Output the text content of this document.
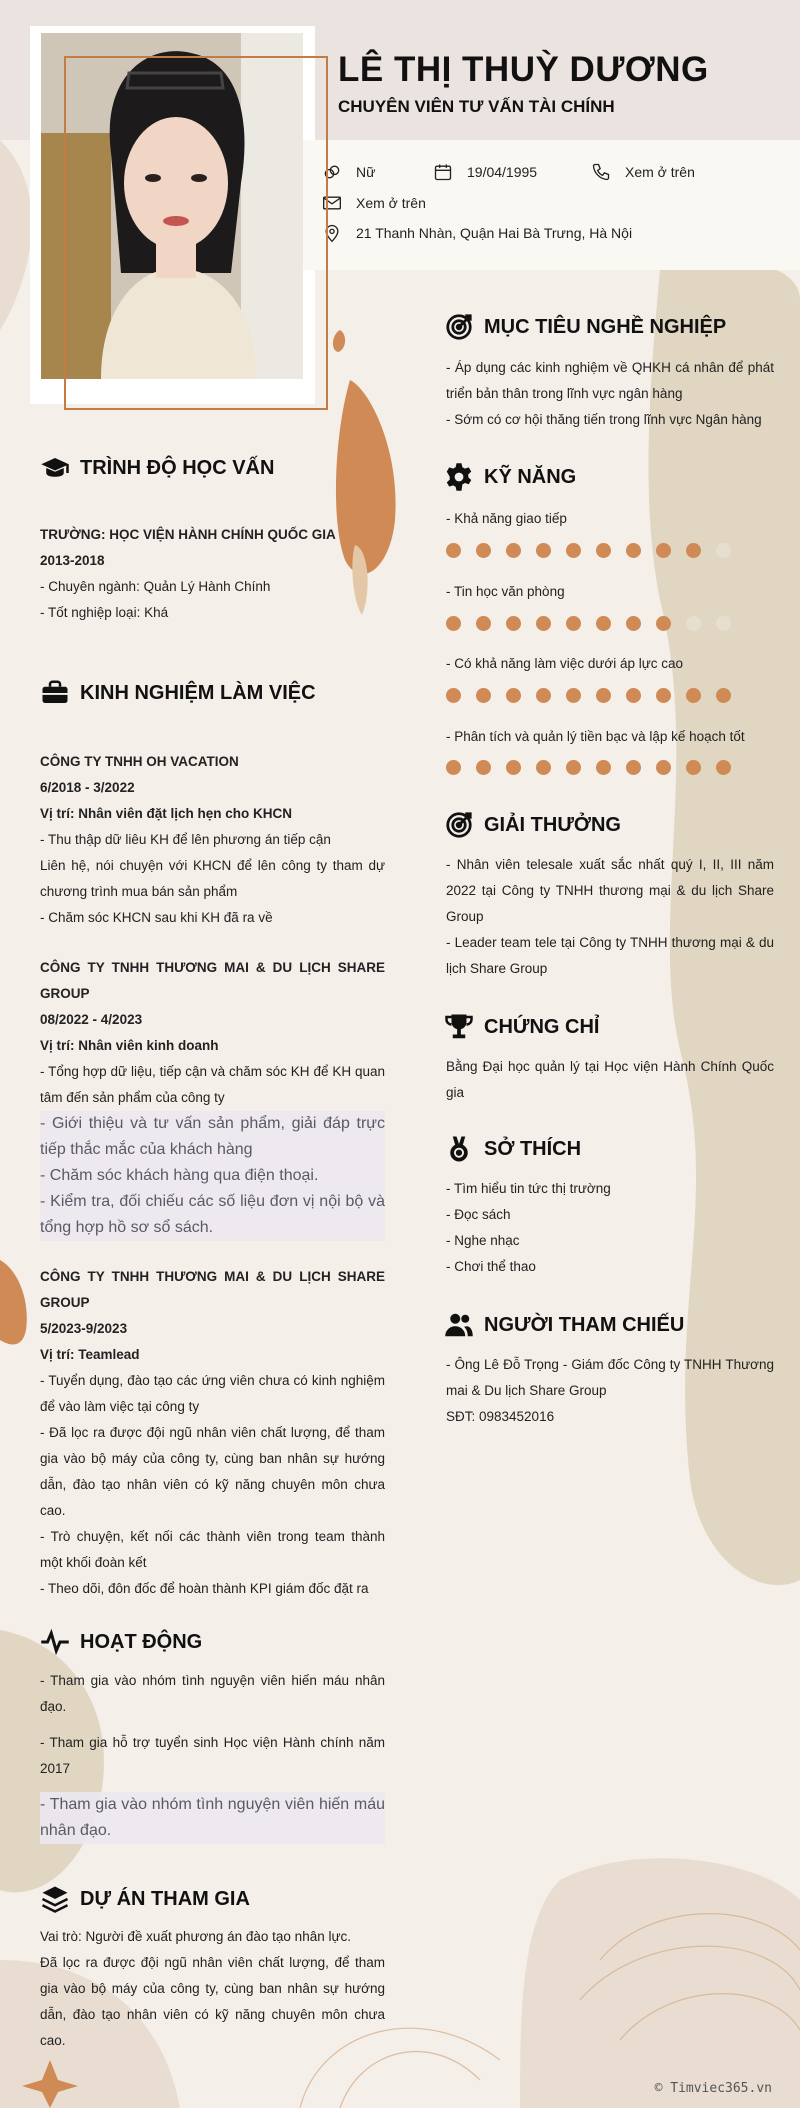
LÊ THỊ THUỲ DƯƠNG
CHUYÊN VIÊN TƯ VẤN TÀI CHÍNH
Nữ	19/04/1995	Xem ở trên
Xem ở trên
21 Thanh Nhàn, Quận Hai Bà Trưng, Hà Nội
TRÌNH ĐỘ HỌC VẤN

TRƯỜNG: HỌC VIỆN HÀNH CHÍNH QUỐC GIA

2013-2018

- Chuyên ngành: Quản Lý Hành Chính

- Tốt nghiệp loại: Khá

KINH NGHIỆM LÀM VIỆC

CÔNG TY TNHH OH VACATION

6/2018 - 3/2022

Vị trí: Nhân viên đặt lịch hẹn cho KHCN

- Thu thập dữ liêu KH để lên phương án tiếp cận

Liên hệ, nói chuyện với KHCN để lên công ty tham dự chương trình mua bán sản phẩm

- Chăm sóc KHCN sau khi KH đã ra về

CÔNG TY TNHH THƯƠNG MAI & DU LỊCH SHARE GROUP

08/2022 - 4/2023

Vị trí: Nhân viên kinh doanh

- Tổng hợp dữ liệu, tiếp cận và chăm sóc KH để KH quan tâm đến sản phẩm của công ty

- Giới thiệu và tư vấn sản phẩm, giải đáp trực tiếp thắc mắc của khách hàng

- Chăm sóc khách hàng qua điện thoại.

- Kiểm tra, đối chiếu các số liệu đơn vị nội bộ và tổng hợp hồ sơ sổ sách.

CÔNG TY TNHH THƯƠNG MAI & DU LỊCH SHARE GROUP

5/2023-9/2023

Vị trí: Teamlead

- Tuyển dụng, đào tạo các ứng viên chưa có kinh nghiệm để vào làm việc tại công ty

- Đã lọc ra được đội ngũ nhân viên chất lượng, để tham gia vào bộ máy của công ty, cùng ban nhân sự hướng dẫn, đào tạo nhân viên có kỹ năng chuyên môn chưa cao.

- Trò chuyện, kết nối các thành viên trong team thành một khối đoàn kết

- Theo dõi, đôn đốc để hoàn thành KPI giám đốc đặt ra

HOẠT ĐỘNG

- Tham gia vào nhóm tình nguyện viên hiến máu nhân đạo.

- Tham gia hỗ trợ tuyển sinh Học viện Hành chính năm 2017

- Tham gia vào nhóm tình nguyện viên hiến máu nhân đạo.

DỰ ÁN THAM GIA

Vai trò: Người đề xuất phương án đào tạo nhân lực.

Đã lọc ra được đội ngũ nhân viên chất lượng, để tham gia vào bộ máy của công ty, cùng ban nhân sự hướng dẫn, đào tạo nhân viên có kỹ năng chuyên môn chưa cao.

MỤC TIÊU NGHỀ NGHIỆP

- Áp dụng các kinh nghiệm về QHKH cá nhân để phát triển bản thân trong lĩnh vực ngân hàng

- Sớm có cơ hội thăng tiến trong lĩnh vực Ngân hàng

KỸ NĂNG
- Khả năng giao tiếp
- Tin học văn phòng
- Có khả năng làm việc dưới áp lực cao
- Phân tích và quản lý tiền bạc và lập kế hoạch tốt
GIẢI THƯỞNG

- Nhân viên telesale xuất sắc nhất quý I, II, III năm 2022 tại Công ty TNHH thương mại & du lịch Share Group

- Leader team tele tại Công ty TNHH thương mại & du lịch Share Group

CHỨNG CHỈ

Bằng Đại học quản lý tại Học viện Hành Chính Quốc gia

SỞ THÍCH

- Tìm hiểu tin tức thị trường

- Đọc sách

- Nghe nhạc

- Chơi thể thao

NGƯỜI THAM CHIẾU

- Ông Lê Đỗ Trọng - Giám đốc Công ty TNHH Thương mai & Du lịch Share Group

SĐT: 0983452016

© Timviec365.vn
